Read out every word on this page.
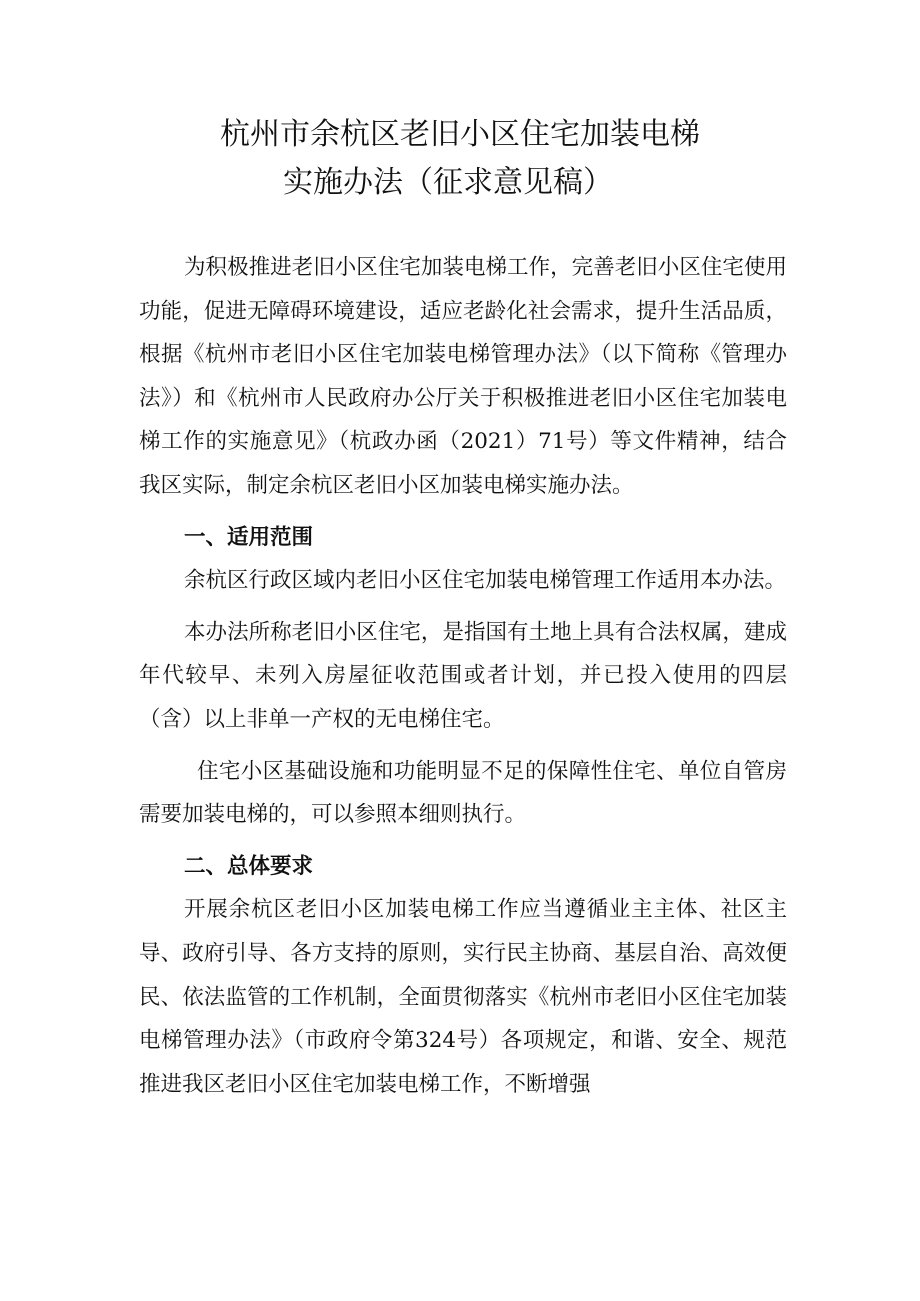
杭州市余杭区老旧小区住宅加装电梯
实施办法（征求意见稿）

为积极推进老旧小区住宅加装电梯工作，完善老旧小区住宅使用功能，促进无障碍环境建设，适应老龄化社会需求，提升生活品质，根据《杭州市老旧小区住宅加装电梯管理办法》（以下简称《管理办法》）和《杭州市人民政府办公厅关于积极推进老旧小区住宅加装电梯工作的实施意见》（杭政办函（2021）71号）等文件精神，结合我区实际，制定余杭区老旧小区加装电梯实施办法。

一、适用范围

余杭区行政区域内老旧小区住宅加装电梯管理工作适用本办法。

本办法所称老旧小区住宅，是指国有土地上具有合法权属，建成年代较早、未列入房屋征收范围或者计划，并已投入使用的四层（含）以上非单一产权的无电梯住宅。

住宅小区基础设施和功能明显不足的保障性住宅、单位自管房需要加装电梯的，可以参照本细则执行。

二、总体要求

开展余杭区老旧小区加装电梯工作应当遵循业主主体、社区主导、政府引导、各方支持的原则，实行民主协商、基层自治、高效便民、依法监管的工作机制，全面贯彻落实《杭州市老旧小区住宅加装电梯管理办法》（市政府令第324号）各项规定，和谐、安全、规范推进我区老旧小区住宅加装电梯工作，不断增强
